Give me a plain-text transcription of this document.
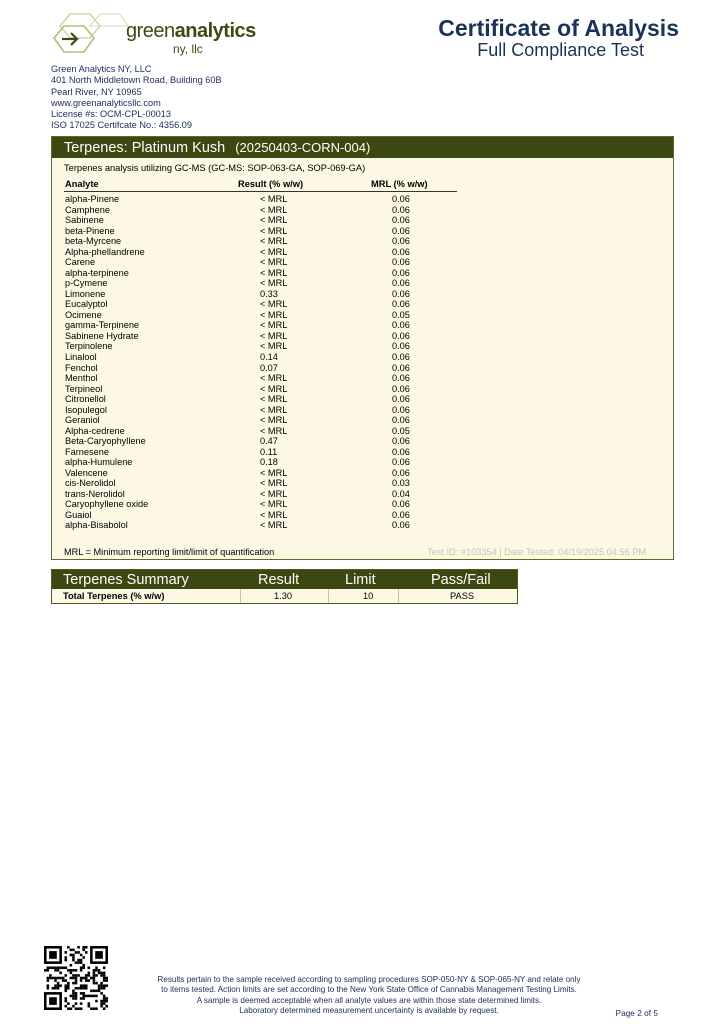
greenanalytics
ny, llc
Green Analytics NY, LLC
401 North Middletown Road, Building 60B
Pearl River, NY 10965
www.greenanalyticsllc.com
License #s: OCM-CPL-00013
ISO 17025 Certifcate No.: 4356.09
Certificate of Analysis
Full Compliance Test
Terpenes: Platinum Kush (20250403-CORN-004)
Terpenes analysis utilizing GC-MS (GC-MS: SOP-063-GA, SOP-069-GA)
Analyte	Result (% w/w)	MRL (% w/w)
alpha-Pinene	< MRL	0.06
Camphene	< MRL	0.06
Sabinene	< MRL	0.06
beta-Pinene	< MRL	0.06
beta-Myrcene	< MRL	0.06
Alpha-phellandrene	< MRL	0.06
Carene	< MRL	0.06
alpha-terpinene	< MRL	0.06
p-Cymene	< MRL	0.06
Limonene	0.33	0.06
Eucalyptol	< MRL	0.06
Ocimene	< MRL	0.05
gamma-Terpinene	< MRL	0.06
Sabinene Hydrate	< MRL	0.06
Terpinolene	< MRL	0.06
Linalool	0.14	0.06
Fenchol	0.07	0.06
Menthol	< MRL	0.06
Terpineol	< MRL	0.06
Citronellol	< MRL	0.06
Isopulegol	< MRL	0.06
Geraniol	< MRL	0.06
Alpha-cedrene	< MRL	0.05
Beta-Caryophyllene	0.47	0.06
Farnesene	0.11	0.06
alpha-Humulene	0.18	0.06
Valencene	< MRL	0.06
cis-Nerolidol	< MRL	0.03
trans-Nerolidol	< MRL	0.04
Caryophyllene oxide	< MRL	0.06
Guaiol	< MRL	0.06
alpha-Bisabolol	< MRL	0.06
MRL = Minimum reporting limit/limit of quantification	Test ID: #103354 | Date Tested: 04/19/2025 04:56 PM
Terpenes Summary	Result	Limit	Pass/Fail
Total Terpenes (% w/w)	1.30	10	PASS
Results pertain to the sample received according to sampling procedures SOP-050-NY & SOP-065-NY and relate only
to items tested. Action limits are set according to the New York State Office of Cannabis Management Testing Limits.
A sample is deemed acceptable when all analyte values are within those state determined limits.
Laboratory determined measurement uncertainty is available by request.	Page 2 of 5
